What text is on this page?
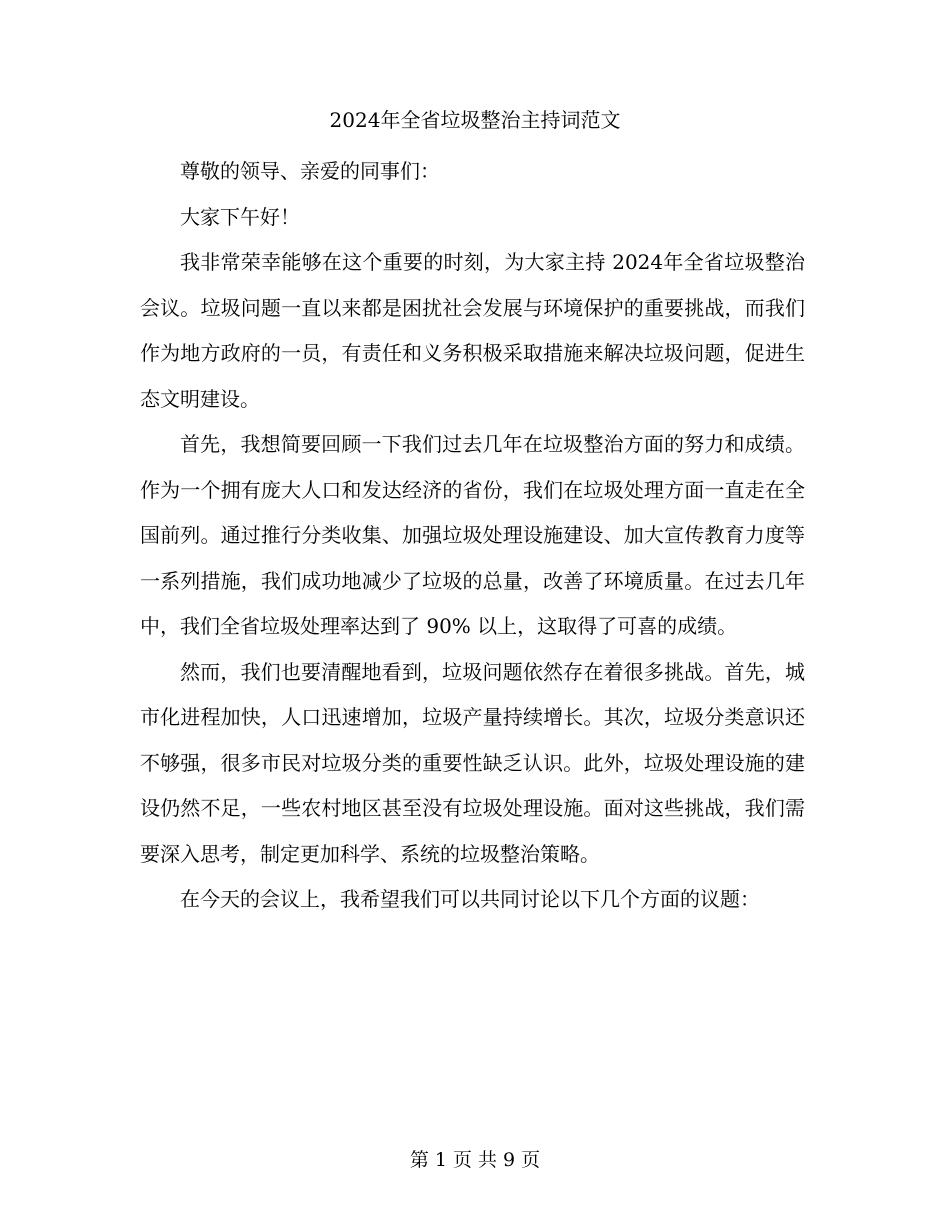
2024年全省垃圾整治主持词范文

尊敬的领导、亲爱的同事们：

大家下午好！

我非常荣幸能够在这个重要的时刻，为大家主持 2024年全省垃圾整治会议。垃圾问题一直以来都是困扰社会发展与环境保护的重要挑战，而我们作为地方政府的一员，有责任和义务积极采取措施来解决垃圾问题，促进生态文明建设。

首先，我想简要回顾一下我们过去几年在垃圾整治方面的努力和成绩。作为一个拥有庞大人口和发达经济的省份，我们在垃圾处理方面一直走在全国前列。通过推行分类收集、加强垃圾处理设施建设、加大宣传教育力度等一系列措施，我们成功地减少了垃圾的总量，改善了环境质量。在过去几年中，我们全省垃圾处理率达到了 90% 以上，这取得了可喜的成绩。

然而，我们也要清醒地看到，垃圾问题依然存在着很多挑战。首先，城市化进程加快，人口迅速增加，垃圾产量持续增长。其次，垃圾分类意识还不够强，很多市民对垃圾分类的重要性缺乏认识。此外，垃圾处理设施的建设仍然不足，一些农村地区甚至没有垃圾处理设施。面对这些挑战，我们需要深入思考，制定更加科学、系统的垃圾整治策略。

在今天的会议上，我希望我们可以共同讨论以下几个方面的议题：

第 1 页 共 9 页
